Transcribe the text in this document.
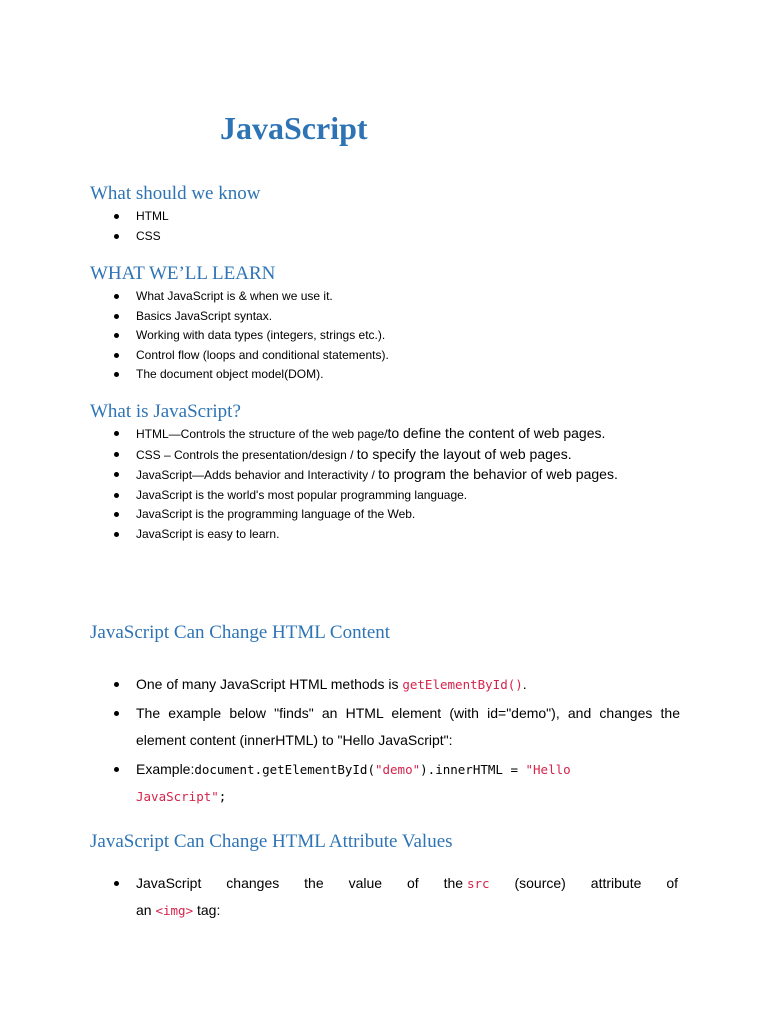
JavaScript
What should we know
HTML
CSS
WHAT WE’LL LEARN
What JavaScript is & when we use it.
Basics JavaScript syntax.
Working with data types (integers, strings etc.).
Control flow (loops and conditional statements).
The document object model(DOM).
What is JavaScript?
HTML—Controls the structure of the web page/to define the content of web pages.
CSS – Controls the presentation/design / to specify the layout of web pages.
JavaScript—Adds behavior and Interactivity / to program the behavior of web pages.
JavaScript is the world's most popular programming language.
JavaScript is the programming language of the Web.
JavaScript is easy to learn.
JavaScript Can Change HTML Content
One of many JavaScript HTML methods is getElementById().
The example below "finds" an HTML element (with id="demo"), and changes the element content (innerHTML) to "Hello JavaScript":
Example:document.getElementById("demo").innerHTML = "Hello
JavaScript";
JavaScript Can Change HTML Attribute Values
JavaScript changes the value of the src (source) attribute of
an <img> tag:
